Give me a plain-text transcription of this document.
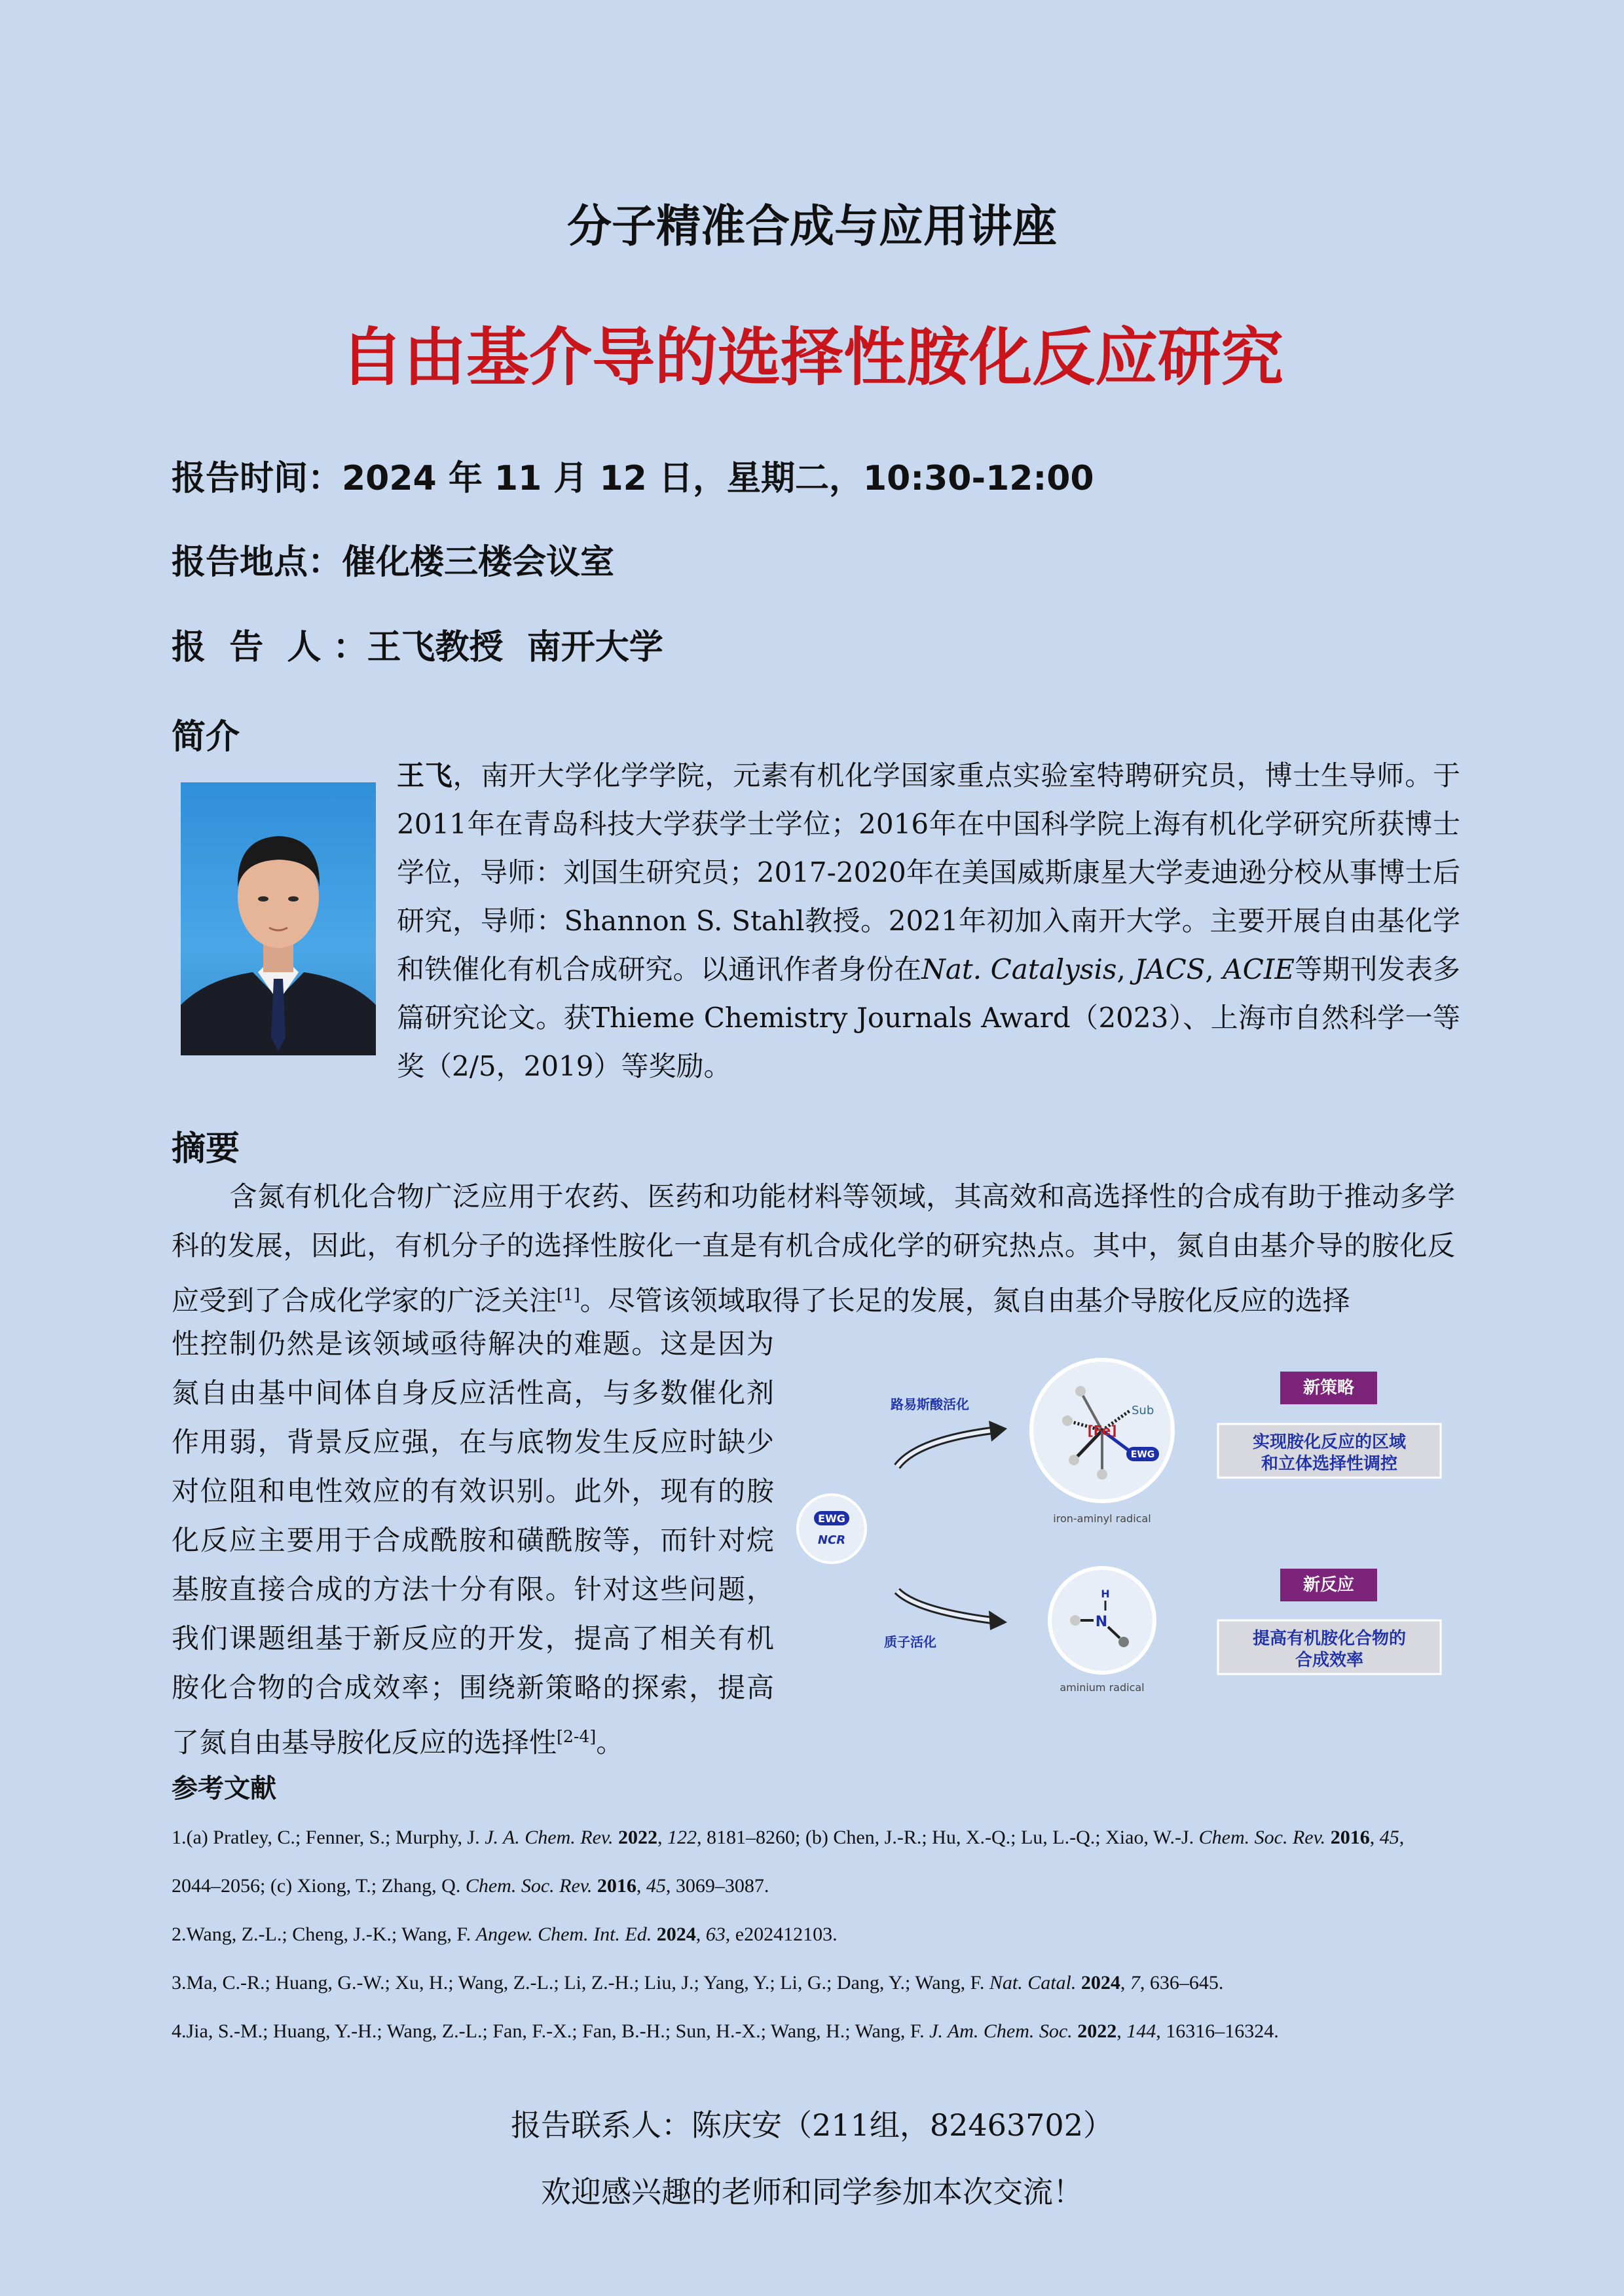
分子精准合成与应用讲座
自由基介导的选择性胺化反应研究
报告时间：2024 年 11 月 12 日，星期二，10:30-12:00
报告地点：催化楼三楼会议室
报  告  人 ：王飞教授  南开大学
简介
王飞，南开大学化学学院，元素有机化学国家重点实验室特聘研究员，博士生导师。于2011年在青岛科技大学获学士学位；2016年在中国科学院上海有机化学研究所获博士学位，导师：刘国生研究员；2017-2020年在美国威斯康星大学麦迪逊分校从事博士后研究，导师：Shannon S. Stahl教授。2021年初加入南开大学。主要开展自由基化学和铁催化有机合成研究。以通讯作者身份在Nat. Catalysis, JACS, ACIE等期刊发表多篇研究论文。获Thieme Chemistry Journals Award（2023）、上海市自然科学一等奖（2/5，2019）等奖励。
摘要
含氮有机化合物广泛应用于农药、医药和功能材料等领域，其高效和高选择性的合成有助于推动多学科的发展，因此，有机分子的选择性胺化一直是有机合成化学的研究热点。其中，氮自由基介导的胺化反应受到了合成化学家的广泛关注[1]。尽管该领域取得了长足的发展，氮自由基介导胺化反应的选择
性控制仍然是该领域亟待解决的难题。这是因为氮自由基中间体自身反应活性高，与多数催化剂作用弱，背景反应强，在与底物发生反应时缺少对位阻和电性效应的有效识别。此外，现有的胺化反应主要用于合成酰胺和磺酰胺等，而针对烷基胺直接合成的方法十分有限。针对这些问题，我们课题组基于新反应的开发，提高了相关有机胺化合物的合成效率；围绕新策略的探索，提高了氮自由基导胺化反应的选择性[2-4]。
EWG
NCR
路易斯酸活化
质子活化
EWG
[Fe]
Sub
iron-aminyl radical
N
H
aminium radical
新策略
实现胺化反应的区域
和立体选择性调控
新反应
提高有机胺化合物的
合成效率
参考文献
1.(a) Pratley, C.; Fenner, S.; Murphy, J. J. A. Chem. Rev. 2022, 122, 8181–8260; (b) Chen, J.-R.; Hu, X.-Q.; Lu, L.-Q.; Xiao, W.-J. Chem. Soc. Rev. 2016, 45,
2044–2056; (c) Xiong, T.; Zhang, Q. Chem. Soc. Rev. 2016, 45, 3069–3087.
2.Wang, Z.-L.; Cheng, J.-K.; Wang, F. Angew. Chem. Int. Ed. 2024, 63, e202412103.
3.Ma, C.-R.; Huang, G.-W.; Xu, H.; Wang, Z.-L.; Li, Z.-H.; Liu, J.; Yang, Y.; Li, G.; Dang, Y.; Wang, F. Nat. Catal. 2024, 7, 636–645.
4.Jia, S.-M.; Huang, Y.-H.; Wang, Z.-L.; Fan, F.-X.; Fan, B.-H.; Sun, H.-X.; Wang, H.; Wang, F. J. Am. Chem. Soc. 2022, 144, 16316–16324.
报告联系人：陈庆安（211组，82463702）
欢迎感兴趣的老师和同学参加本次交流！
